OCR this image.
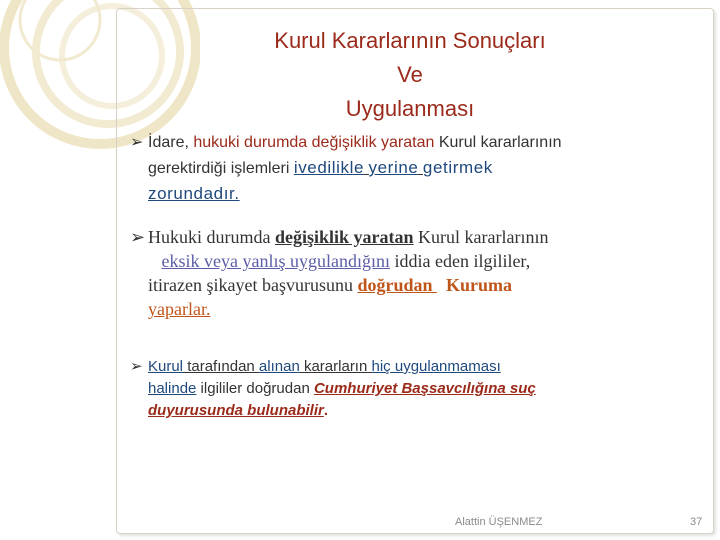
Kurul Kararlarının Sonuçları
Ve
Uygulanması
➢ İdare, hukuki durumda değişiklik yaratan Kurul kararlarının
gerektirdiği işlemleri ivedilikle yerine getirmek
zorundadır.
➢ Hukuki durumda değişiklik yaratan Kurul kararlarının
eksik veya yanlış uygulandığını iddia eden ilgililer,
itirazen şikayet başvurusunu doğrudan   Kuruma
yaparlar.
➢ Kurul tarafından alınan kararların hiç uygulanmaması
halinde ilgililer doğrudan Cumhuriyet Başsavcılığına suç
duyurusunda bulunabilir.
Alattin ÜŞENMEZ	37
